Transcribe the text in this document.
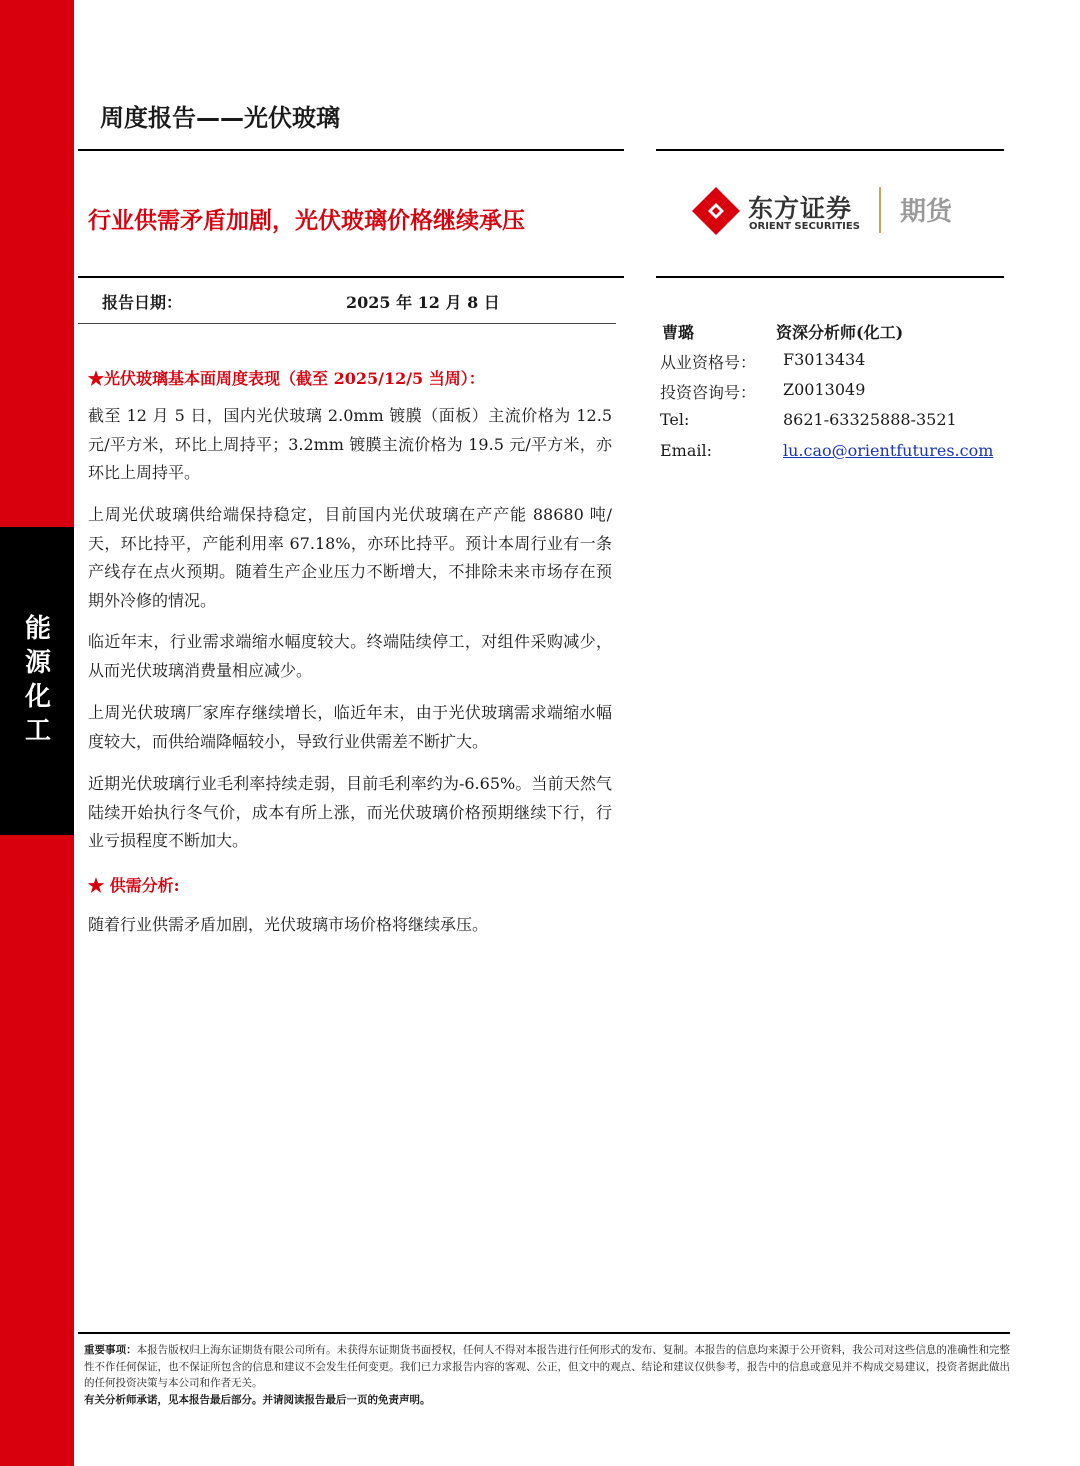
能源化工
周度报告——光伏玻璃
行业供需矛盾加剧，光伏玻璃价格继续承压	东方证券
ORIENT SECURITIES 期货
报告日期：	2025 年 12 月 8 日
曹璐	资深分析师(化工)
从业资格号： F3013434
投资咨询号： Z0013049
Tel:	8621-63325888-3521
Email:	lu.cao@orientfutures.com
★光伏玻璃基本面周度表现（截至 2025/12/5 当周）：
截至 12 月 5 日，国内光伏玻璃 2.0mm 镀膜（面板）主流价格为 12.5 元/平方米，环比上周持平；3.2mm 镀膜主流价格为 19.5 元/平方米，亦环比上周持平。
上周光伏玻璃供给端保持稳定，目前国内光伏玻璃在产产能 88680 吨/天，环比持平，产能利用率 67.18%，亦环比持平。预计本周行业有一条产线存在点火预期。随着生产企业压力不断增大，不排除未来市场存在预期外冷修的情况。
临近年末，行业需求端缩水幅度较大。终端陆续停工，对组件采购减少，从而光伏玻璃消费量相应减少。
上周光伏玻璃厂家库存继续增长，临近年末，由于光伏玻璃需求端缩水幅度较大，而供给端降幅较小，导致行业供需差不断扩大。
近期光伏玻璃行业毛利率持续走弱，目前毛利率约为-6.65%。当前天然气陆续开始执行冬气价，成本有所上涨，而光伏玻璃价格预期继续下行，行业亏损程度不断加大。
★ 供需分析:
随着行业供需矛盾加剧，光伏玻璃市场价格将继续承压。
重要事项：本报告版权归上海东证期货有限公司所有。未获得东证期货书面授权，任何人不得对本报告进行任何形式的发布、复制。本报告的信息均来源于公开资料，我公司对这些信息的准确性和完整性不作任何保证，也不保证所包含的信息和建议不会发生任何变更。我们已力求报告内容的客观、公正，但文中的观点、结论和建议仅供参考，报告中的信息或意见并不构成交易建议，投资者据此做出的任何投资决策与本公司和作者无关。
有关分析师承诺，见本报告最后部分。并请阅读报告最后一页的免责声明。
